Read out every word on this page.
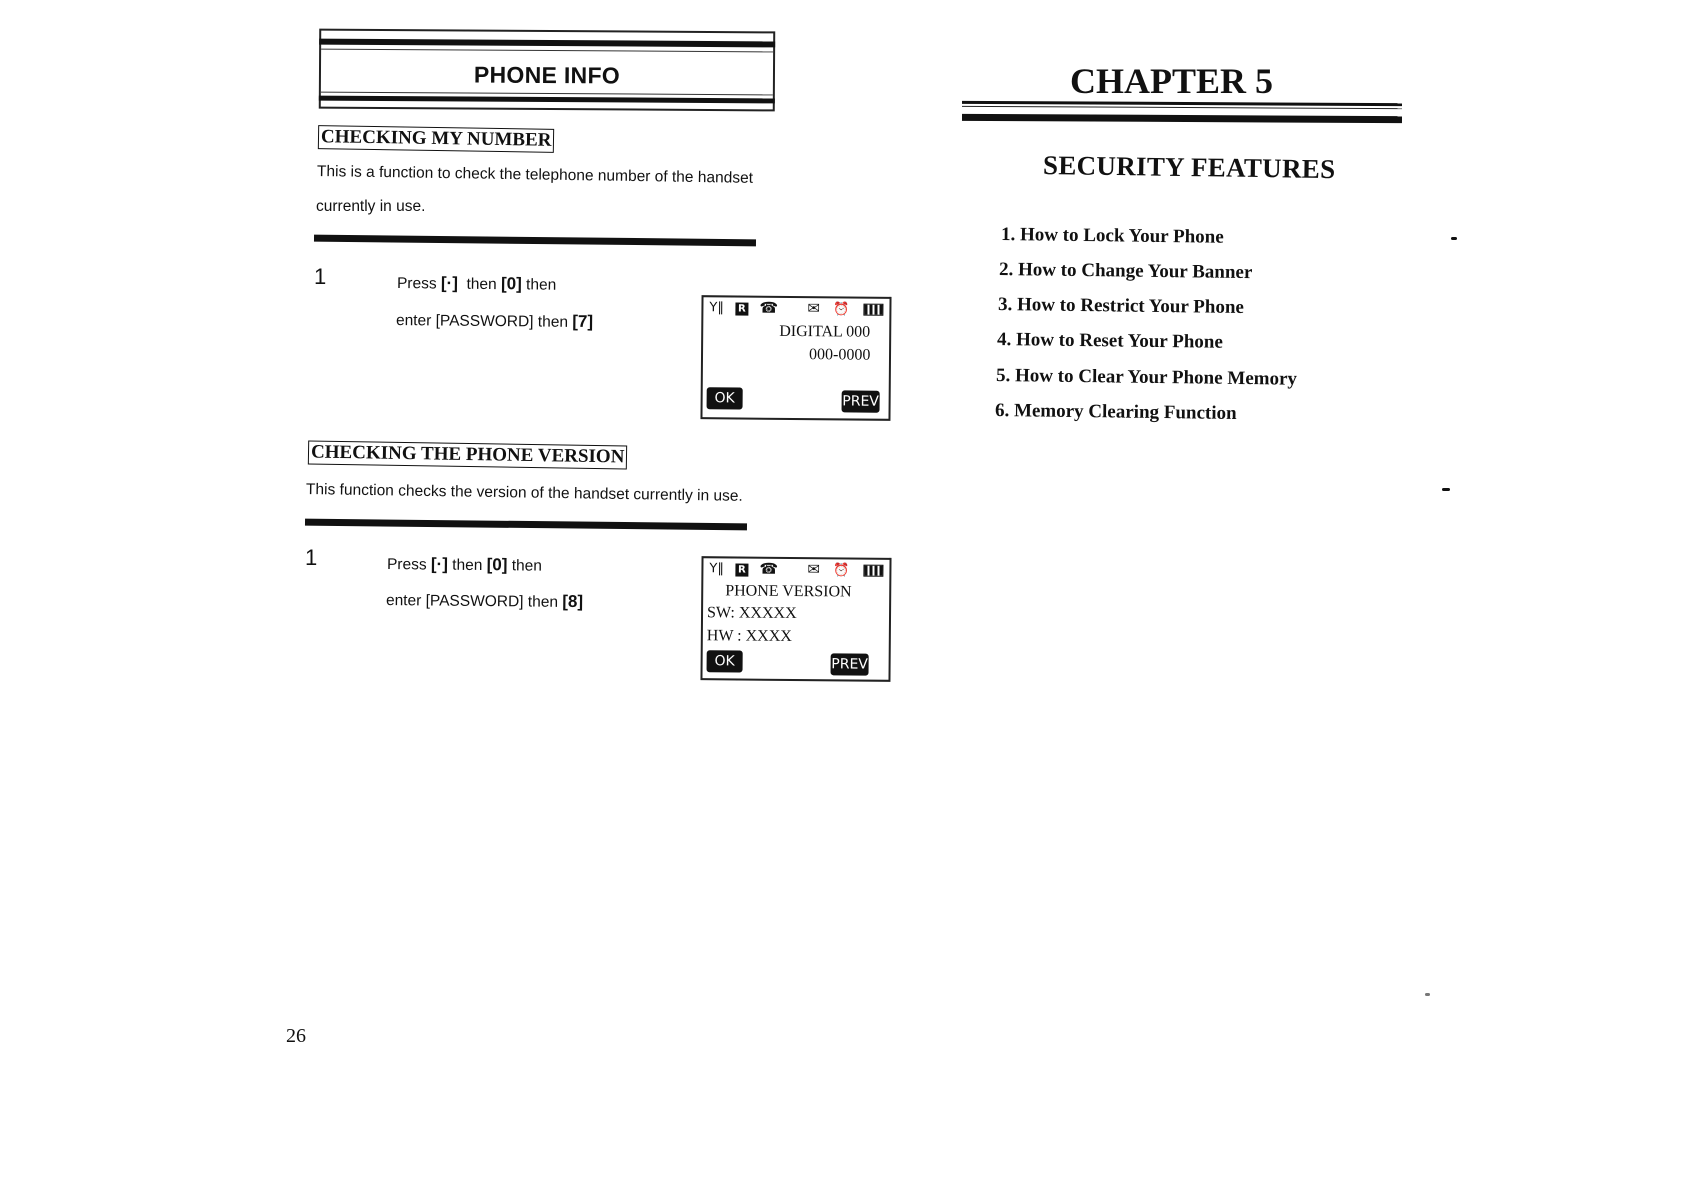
PHONE INFO
CHECKING MY NUMBER
This is a function to check the telephone number of the handset
currently in use.
1	Press [·]  then [0] then
enter [PASSWORD] then [7]
Y‖ R ☎ ✉ ⏰
DIGITAL 000
000-0000
OK	PREV
CHECKING THE PHONE VERSION
This function checks the version of the handset currently in use.
1	Press [·] then [0] then
enter [PASSWORD] then [8]
Y‖ R ☎ ✉ ⏰
PHONE VERSION
SW: XXXXX
HW : XXXX
OK	PREV
26
CHAPTER 5
SECURITY FEATURES
1. How to Lock Your Phone
2. How to Change Your Banner
3. How to Restrict Your Phone
4. How to Reset Your Phone
5. How to Clear Your Phone Memory
6. Memory Clearing Function
